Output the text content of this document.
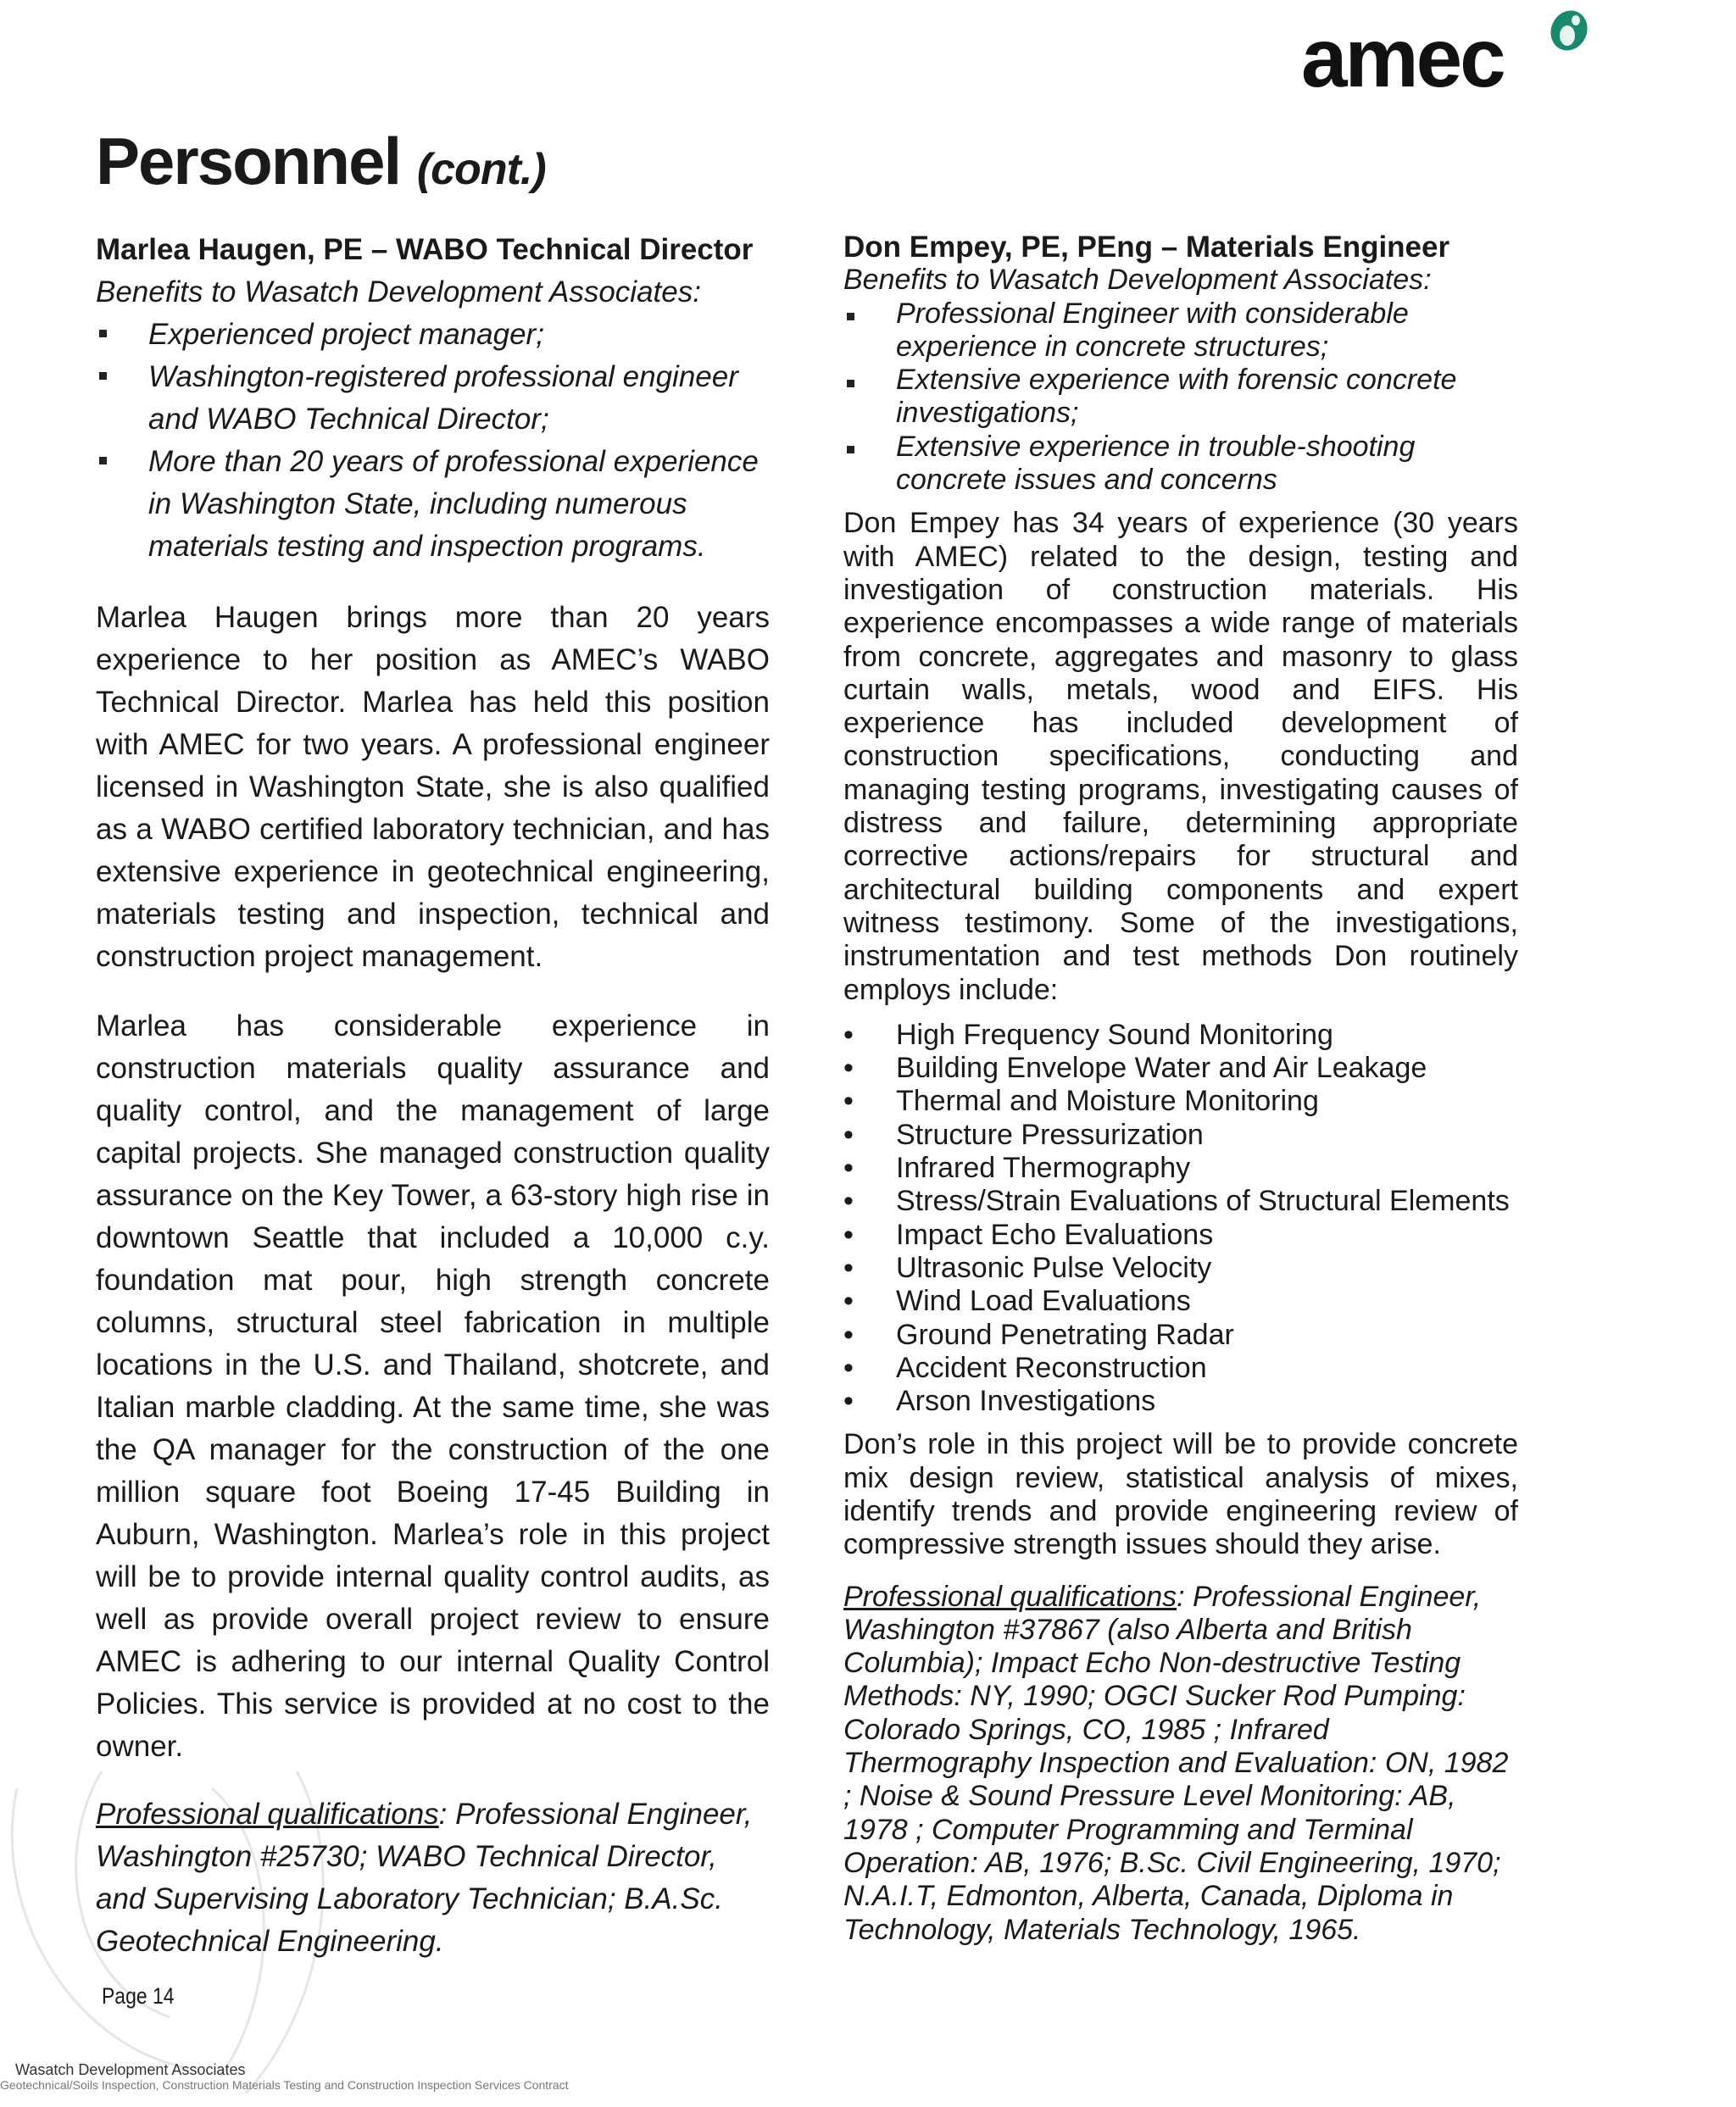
amec
Personnel (cont.)
Marlea Haugen, PE – WABO Technical Director
Benefits to Wasatch Development Associates:
Experienced project manager;
Washington-registered professional engineer and WABO Technical Director;
More than 20 years of professional experience in Washington State, including numerous materials testing and inspection programs.

Marlea Haugen brings more than 20 years experience to her position as AMEC’s WABO Technical Director. Marlea has held this position with AMEC for two years. A professional engineer licensed in Washington State, she is also qualified as a WABO certified laboratory technician, and has extensive experience in geotechnical engineering, materials testing and inspection, technical and construction project management.

Marlea has considerable experience in construction materials quality assurance and quality control, and the management of large capital projects. She managed construction quality assurance on the Key Tower, a 63-story high rise in downtown Seattle that included a 10,000 c.y. foundation mat pour, high strength concrete columns, structural steel fabrication in multiple locations in the U.S. and Thailand, shotcrete, and Italian marble cladding. At the same time, she was the QA manager for the construction of the one million square foot Boeing 17-45 Building in Auburn, Washington. Marlea’s role in this project will be to provide internal quality control audits, as well as provide overall project review to ensure AMEC is adhering to our internal Quality Control Policies. This service is provided at no cost to the owner.

Professional qualifications: Professional Engineer, Washington #25730; WABO Technical Director, and Supervising Laboratory Technician; B.A.Sc. Geotechnical Engineering.

Don Empey, PE, PEng – Materials Engineer
Benefits to Wasatch Development Associates:
Professional Engineer with considerable experience in concrete structures;
Extensive experience with forensic concrete investigations;
Extensive experience in trouble-shooting concrete issues and concerns

Don Empey has 34 years of experience (30 years with AMEC) related to the design, testing and investigation of construction materials. His experience encompasses a wide range of materials from concrete, aggregates and masonry to glass curtain walls, metals, wood and EIFS. His experience has included development of construction specifications, conducting and managing testing programs, investigating causes of distress and failure, determining appropriate corrective actions/repairs for structural and architectural building components and expert witness testimony. Some of the investigations, instrumentation and test methods Don routinely employs include:

• High Frequency Sound Monitoring
• Building Envelope Water and Air Leakage
• Thermal and Moisture Monitoring
• Structure Pressurization
• Infrared Thermography
• Stress/Strain Evaluations of Structural Elements
• Impact Echo Evaluations
• Ultrasonic Pulse Velocity
• Wind Load Evaluations
• Ground Penetrating Radar
• Accident Reconstruction
• Arson Investigations

Don’s role in this project will be to provide concrete mix design review, statistical analysis of mixes, identify trends and provide engineering review of compressive strength issues should they arise.

Professional qualifications: Professional Engineer, Washington #37867 (also Alberta and British Columbia); Impact Echo Non-destructive Testing Methods: NY, 1990; OGCI Sucker Rod Pumping: Colorado Springs, CO, 1985 ; Infrared Thermography Inspection and Evaluation: ON, 1982 ; Noise & Sound Pressure Level Monitoring: AB, 1978 ; Computer Programming and Terminal Operation: AB, 1976; B.Sc. Civil Engineering, 1970; N.A.I.T, Edmonton, Alberta, Canada, Diploma in Technology, Materials Technology, 1965.

Page 14
Wasatch Development Associates
Geotechnical/Soils Inspection, Construction Materials Testing and Construction Inspection Services Contract
